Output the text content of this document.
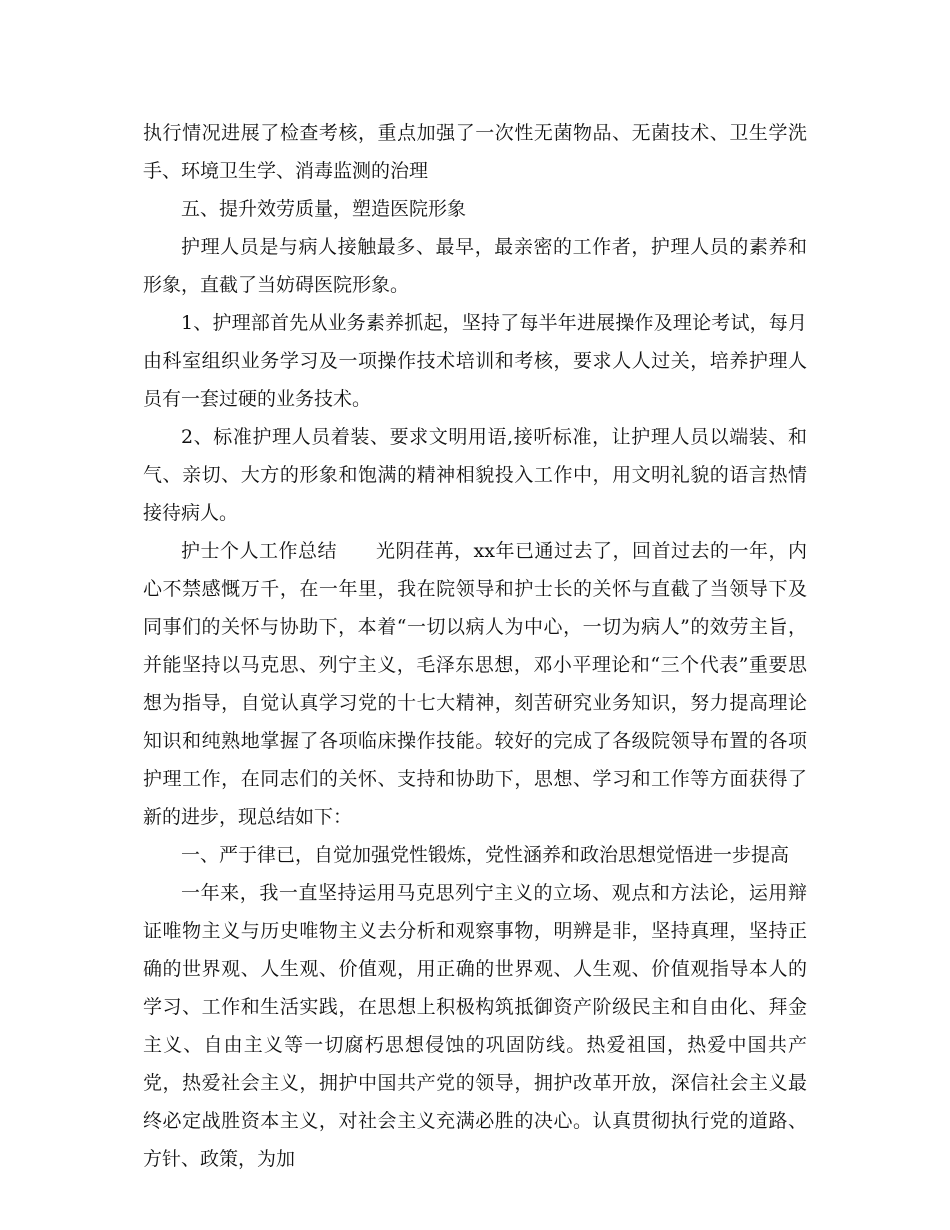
执行情况进展了检查考核，重点加强了一次性无菌物品、无菌技术、卫生学洗手、环境卫生学、消毒监测的治理

五、提升效劳质量，塑造医院形象

护理人员是与病人接触最多、最早，最亲密的工作者，护理人员的素养和形象，直截了当妨碍医院形象。

1、护理部首先从业务素养抓起，坚持了每半年进展操作及理论考试，每月由科室组织业务学习及一项操作技术培训和考核，要求人人过关，培养护理人员有一套过硬的业务技术。

2、标准护理人员着装、要求文明用语,接听标准，让护理人员以端装、和气、亲切、大方的形象和饱满的精神相貌投入工作中，用文明礼貌的语言热情接待病人。

护士个人工作总结　　光阴荏苒，xx年已通过去了，回首过去的一年，内心不禁感慨万千，在一年里，我在院领导和护士长的关怀与直截了当领导下及同事们的关怀与协助下，本着“一切以病人为中心，一切为病人”的效劳主旨，并能坚持以马克思、列宁主义，毛泽东思想，邓小平理论和“三个代表”重要思想为指导，自觉认真学习党的十七大精神，刻苦研究业务知识，努力提高理论知识和纯熟地掌握了各项临床操作技能。较好的完成了各级院领导布置的各项护理工作，在同志们的关怀、支持和协助下，思想、学习和工作等方面获得了新的进步，现总结如下：

一、严于律已，自觉加强党性锻炼，党性涵养和政治思想觉悟进一步提高

一年来，我一直坚持运用马克思列宁主义的立场、观点和方法论，运用辩证唯物主义与历史唯物主义去分析和观察事物，明辨是非，坚持真理，坚持正确的世界观、人生观、价值观，用正确的世界观、人生观、价值观指导本人的学习、工作和生活实践，在思想上积极构筑抵御资产阶级民主和自由化、拜金主义、自由主义等一切腐朽思想侵蚀的巩固防线。热爱祖国，热爱中国共产党，热爱社会主义，拥护中国共产党的领导，拥护改革开放，深信社会主义最终必定战胜资本主义，对社会主义充满必胜的决心。认真贯彻执行党的道路、方针、政策，为加
